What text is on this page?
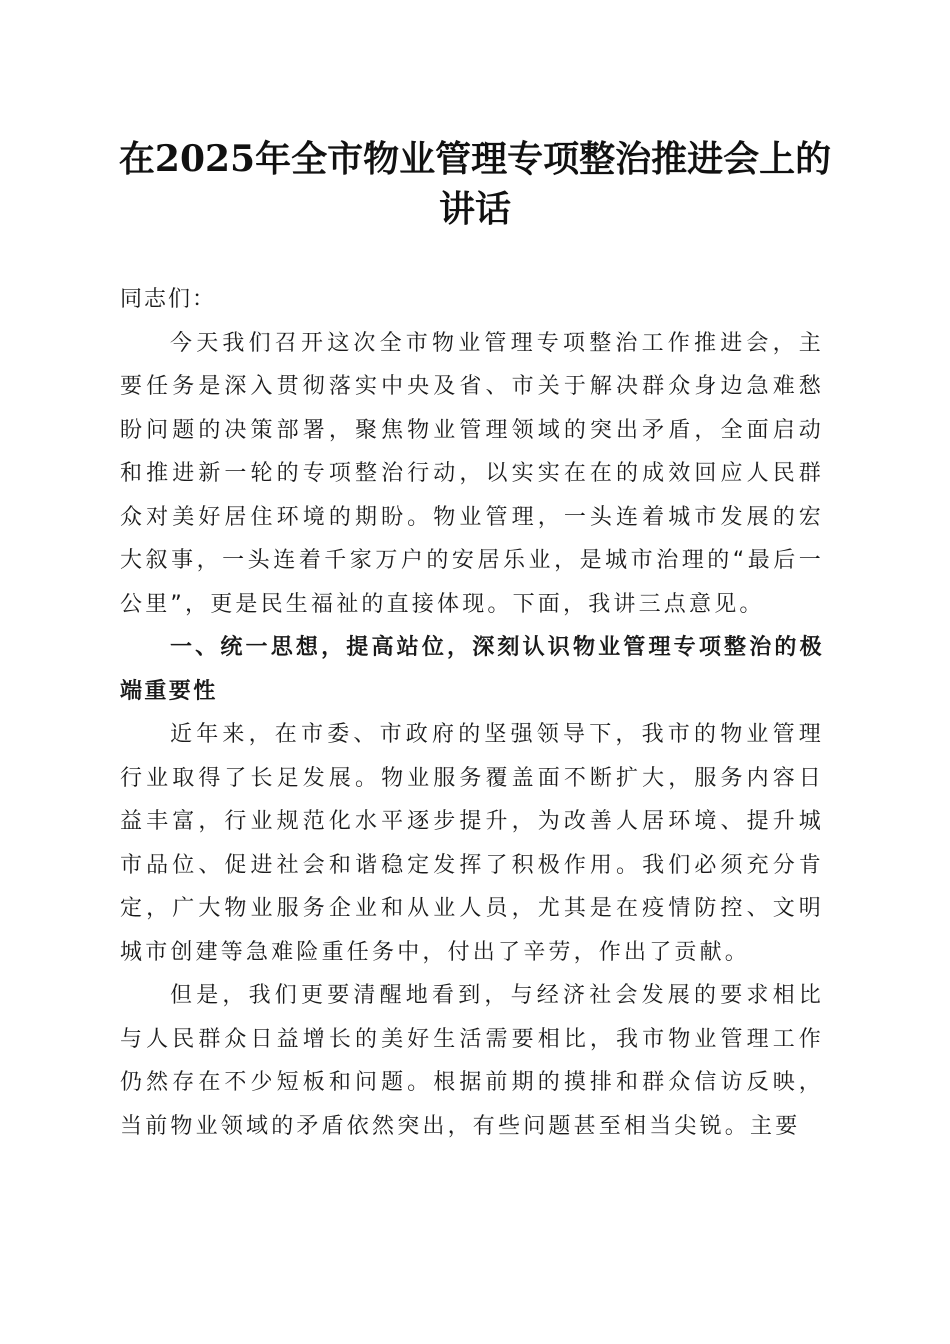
在2025年全市物业管理专项整治推进会上的
讲话

同志们：

今天我们召开这次全市物业管理专项整治工作推进会，主要任务是深入贯彻落实中央及省、市关于解决群众身边急难愁盼问题的决策部署，聚焦物业管理领域的突出矛盾，全面启动和推进新一轮的专项整治行动，以实实在在的成效回应人民群众对美好居住环境的期盼。物业管理，一头连着城市发展的宏大叙事，一头连着千家万户的安居乐业，是城市治理的“最后一公里”，更是民生福祉的直接体现。下面，我讲三点意见。

一、统一思想，提高站位，深刻认识物业管理专项整治的极端重要性

近年来，在市委、市政府的坚强领导下，我市的物业管理行业取得了长足发展。物业服务覆盖面不断扩大，服务内容日益丰富，行业规范化水平逐步提升，为改善人居环境、提升城市品位、促进社会和谐稳定发挥了积极作用。我们必须充分肯定，广大物业服务企业和从业人员，尤其是在疫情防控、文明城市创建等急难险重任务中，付出了辛劳，作出了贡献。

但是，我们更要清醒地看到，与经济社会发展的要求相比与人民群众日益增长的美好生活需要相比，我市物业管理工作仍然存在不少短板和问题。根据前期的摸排和群众信访反映，当前物业领域的矛盾依然突出，有些问题甚至相当尖锐。主要
